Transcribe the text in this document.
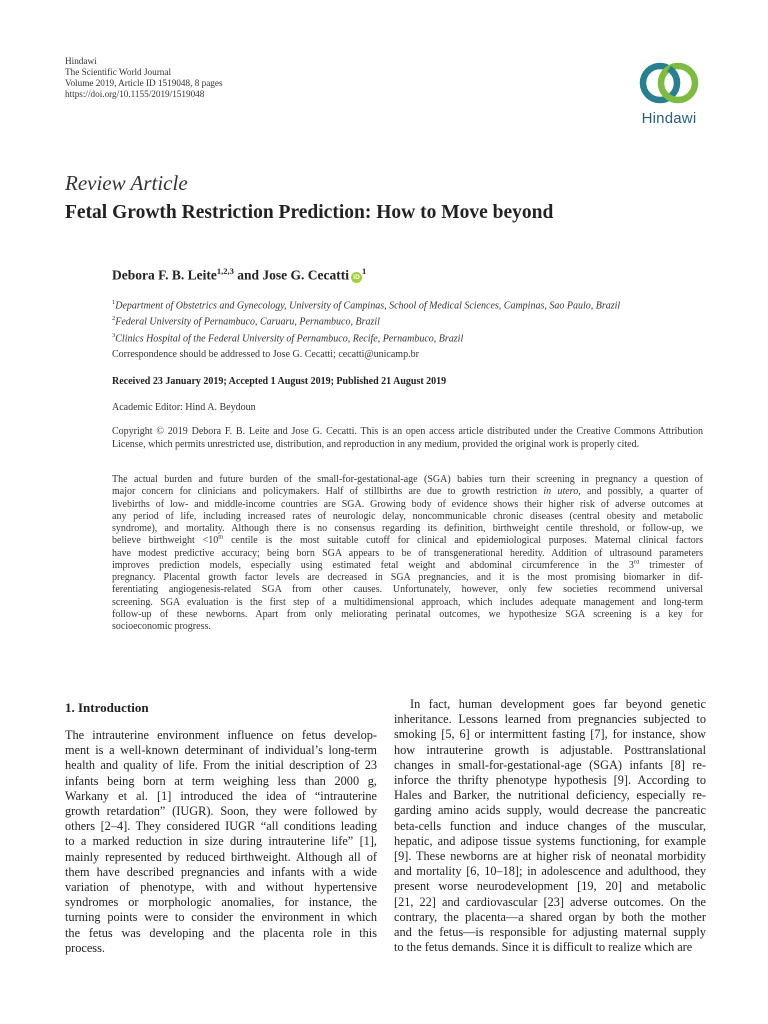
Hindawi
The Scientific World Journal
Volume 2019, Article ID 1519048, 8 pages
https://doi.org/10.1155/2019/1519048
Hindawi
Review Article
Fetal Growth Restriction Prediction: How to Move beyond
Debora F. B. Leite$^{1,2,3}$ and Jose G. Cecatti $iD^1$
$^1$Department of Obstetrics and Gynecology, University of Campinas, School of Medical Sciences, Campinas, Sao Paulo, Brazil
$^2$Federal University of Pernambuco, Caruaru, Pernambuco, Brazil
$^3$Clinics Hospital of the Federal University of Pernambuco, Recife, Pernambuco, Brazil
Correspondence should be addressed to Jose G. Cecatti; cecatti@unicamp.br
Received 23 January 2019; Accepted 1 August 2019; Published 21 August 2019
Academic Editor: Hind A. Beydoun
Copyright © 2019 Debora F. B. Leite and Jose G. Cecatti. This is an open access article distributed under the Creative Commons Attribution License, which permits unrestricted use, distribution, and reproduction in any medium, provided the original work is properly cited.
The actual burden and future burden of the small-for-gestational-age (SGA) babies turn their screening in pregnancy a question of
major concern for clinicians and policymakers. Half of stillbirths are due to growth restriction in utero, and possibly, a quarter of
livebirths of low- and middle-income countries are SGA. Growing body of evidence shows their higher risk of adverse outcomes at
any period of life, including increased rates of neurologic delay, noncommunicable chronic diseases (central obesity and metabolic
syndrome), and mortality. Although there is no consensus regarding its definition, birthweight centile threshold, or follow-up, we
believe birthweight <10th centile is the most suitable cutoff for clinical and epidemiological purposes. Maternal clinical factors
have modest predictive accuracy; being born SGA appears to be of transgenerational heredity. Addition of ultrasound parameters
improves prediction models, especially using estimated fetal weight and abdominal circumference in the 3rd trimester of
pregnancy. Placental growth factor levels are decreased in SGA pregnancies, and it is the most promising biomarker in dif-
ferentiating angiogenesis-related SGA from other causes. Unfortunately, however, only few societies recommend universal
screening. SGA evaluation is the first step of a multidimensional approach, which includes adequate management and long-term
follow-up of these newborns. Apart from only meliorating perinatal outcomes, we hypothesize SGA screening is a key for
socioeconomic progress.
1. Introduction
The intrauterine environment influence on fetus develop-
ment is a well-known determinant of individual’s long-term
health and quality of life. From the initial description of 23
infants being born at term weighing less than 2000 g,
Warkany et al. [1] introduced the idea of “intrauterine
growth retardation” (IUGR). Soon, they were followed by
others [2–4]. They considered IUGR “all conditions leading
to a marked reduction in size during intrauterine life” [1],
mainly represented by reduced birthweight. Although all of
them have described pregnancies and infants with a wide
variation of phenotype, with and without hypertensive
syndromes or morphologic anomalies, for instance, the
turning points were to consider the environment in which
the fetus was developing and the placenta role in this
process.
In fact, human development goes far beyond genetic
inheritance. Lessons learned from pregnancies subjected to
smoking [5, 6] or intermittent fasting [7], for instance, show
how intrauterine growth is adjustable. Posttranslational
changes in small-for-gestational-age (SGA) infants [8] re-
inforce the thrifty phenotype hypothesis [9]. According to
Hales and Barker, the nutritional deficiency, especially re-
garding amino acids supply, would decrease the pancreatic
beta-cells function and induce changes of the muscular,
hepatic, and adipose tissue systems functioning, for example
[9]. These newborns are at higher risk of neonatal morbidity
and mortality [6, 10–18]; in adolescence and adulthood, they
present worse neurodevelopment [19, 20] and metabolic
[21, 22] and cardiovascular [23] adverse outcomes. On the
contrary, the placenta—a shared organ by both the mother
and the fetus—is responsible for adjusting maternal supply
to the fetus demands. Since it is difficult to realize which are
